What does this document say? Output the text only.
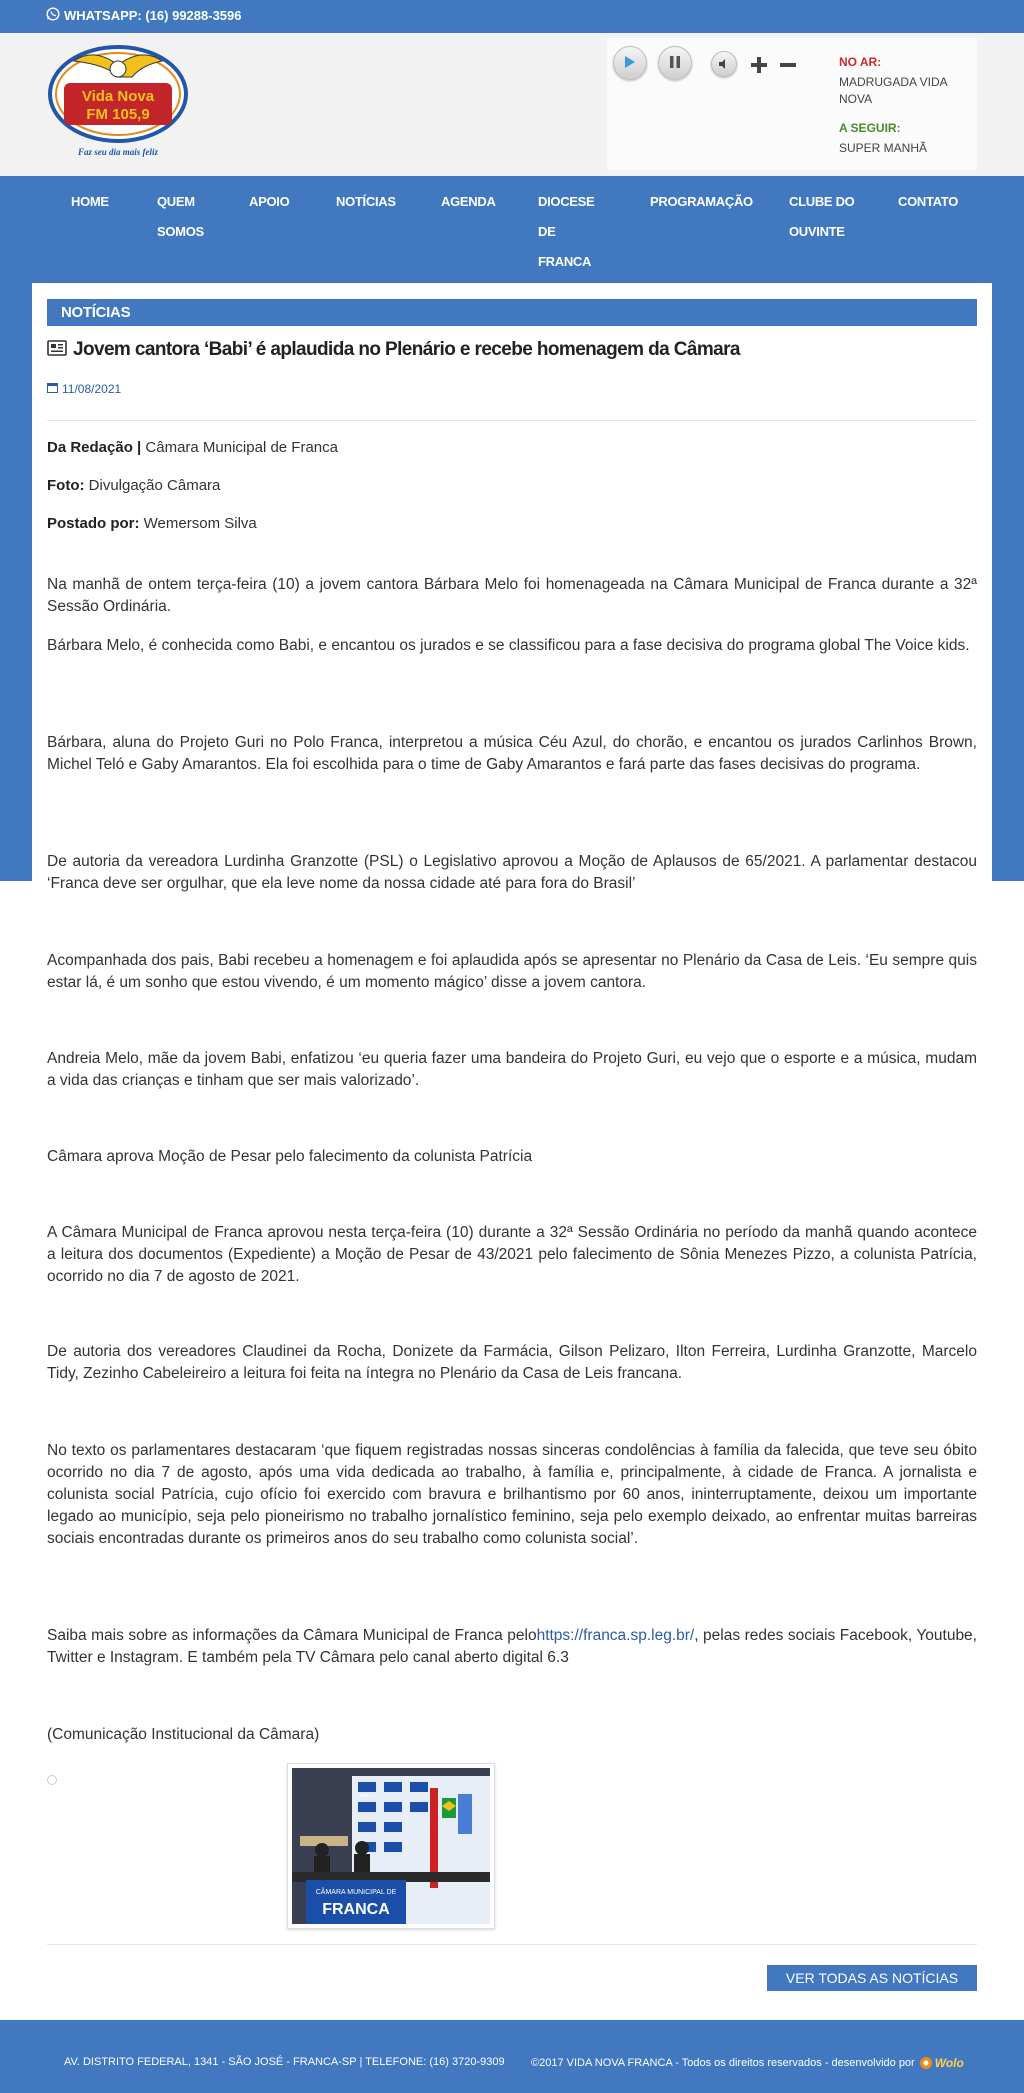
WHATSAPP: (16) 99288-3596
Vida Nova
FM 105,9
Faz seu dia mais feliz
NO AR:
MADRUGADA VIDA NOVA
A SEGUIR:
SUPER MANHÃ
HOME	QUEM SOMOS
APOIO	NOTÍCIAS	AGENDA	DIOCESE DE FRANCA
PROGRAMAÇÃO	CLUBE DO OUVINTE
CONTATO
NOTÍCIAS
Jovem cantora ‘Babi’ é aplaudida no Plenário e recebe homenagem da Câmara
11/08/2021
Da Redação | Câmara Municipal de Franca
Foto: Divulgação Câmara
Postado por: Wemersom Silva

Na manhã de ontem terça-feira (10) a jovem cantora Bárbara Melo foi homenageada na Câmara Municipal de Franca durante a 32ª Sessão Ordinária.

Bárbara Melo, é conhecida como Babi, e encantou os jurados e se classificou para a fase decisiva do programa global The Voice kids.

Bárbara, aluna do Projeto Guri no Polo Franca, interpretou a música Céu Azul, do chorão, e encantou os jurados Carlinhos Brown, Michel Teló e Gaby Amarantos. Ela foi escolhida para o time de Gaby Amarantos e fará parte das fases decisivas do programa.

De autoria da vereadora Lurdinha Granzotte (PSL) o Legislativo aprovou a Moção de Aplausos de 65/2021. A parlamentar destacou ‘Franca deve ser orgulhar, que ela leve nome da nossa cidade até para fora do Brasil’

Acompanhada dos pais, Babi recebeu a homenagem e foi aplaudida após se apresentar no Plenário da Casa de Leis. ‘Eu sempre quis estar lá, é um sonho que estou vivendo, é um momento mágico’ disse a jovem cantora.

Andreia Melo, mãe da jovem Babi, enfatizou ‘eu queria fazer uma bandeira do Projeto Guri, eu vejo que o esporte e a música, mudam a vida das crianças e tinham que ser mais valorizado’.

Câmara aprova Moção de Pesar pelo falecimento da colunista Patrícia

A Câmara Municipal de Franca aprovou nesta terça-feira (10) durante a 32ª Sessão Ordinária no período da manhã quando acontece a leitura dos documentos (Expediente) a Moção de Pesar de 43/2021 pelo falecimento de Sônia Menezes Pizzo, a colunista Patrícia, ocorrido no dia 7 de agosto de 2021.

De autoria dos vereadores Claudinei da Rocha, Donizete da Farmácia, Gilson Pelizaro, Ilton Ferreira, Lurdinha Granzotte, Marcelo Tidy, Zezinho Cabeleireiro a leitura foi feita na íntegra no Plenário da Casa de Leis francana.

No texto os parlamentares destacaram ‘que fiquem registradas nossas sinceras condolências à família da falecida, que teve seu óbito ocorrido no dia 7 de agosto, após uma vida dedicada ao trabalho, à família e, principalmente, à cidade de Franca. A jornalista e colunista social Patrícia, cujo ofício foi exercido com bravura e brilhantismo por 60 anos, ininterruptamente, deixou um importante legado ao município, seja pelo pioneirismo no trabalho jornalístico feminino, seja pelo exemplo deixado, ao enfrentar muitas barreiras sociais encontradas durante os primeiros anos do seu trabalho como colunista social’.

Saiba mais sobre as informações da Câmara Municipal de Franca pelohttps://franca.sp.leg.br/, pelas redes sociais Facebook, Youtube, Twitter e Instagram. E também pela TV Câmara pelo canal aberto digital 6.3

(Comunicação Institucional da Câmara)

FRANCA
CÂMARA MUNICIPAL DE
FRANCA
VER TODAS AS NOTÍCIAS
AV. DISTRITO FEDERAL, 1341 - SÃO JOSÉ - FRANCA-SP | TELEFONE: (16) 3720-9309 ©2017 VIDA NOVA FRANCA - Todos os direitos reservados - desenvolvido por Wolo
